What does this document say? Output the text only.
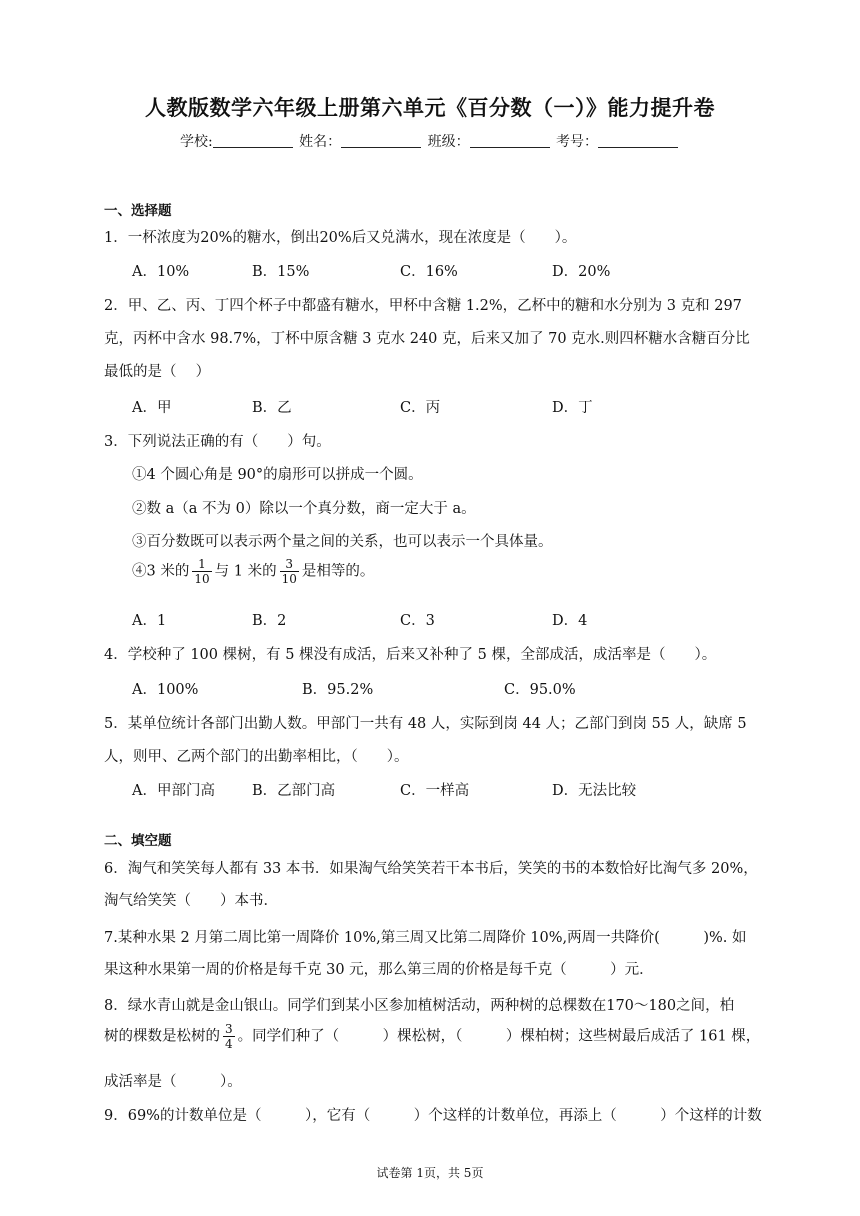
人教版数学六年级上册第六单元《百分数（一）》能力提升卷
学校:	姓名：	班级：	考号：
一、选择题
1．一杯浓度为20%的糖水，倒出20%后又兑满水，现在浓度是（　　）。
A．10%	B．15%	C．16%	D．20%
2．甲、乙、丙、丁四个杯子中都盛有糖水，甲杯中含糖 1.2%，乙杯中的糖和水分别为 3 克和 297
克，丙杯中含水 98.7%，丁杯中原含糖 3 克水 240 克，后来又加了 70 克水.则四杯糖水含糖百分比
最低的是（　 ）
A．甲	B．乙	C．丙	D．丁
3．下列说法正确的有（　　）句。
①4 个圆心角是 90°的扇形可以拼成一个圆。
②数 a（a 不为 0）除以一个真分数，商一定大于 a。
③百分数既可以表示两个量之间的关系，也可以表示一个具体量。
④3 米的 $\frac{1}{10}$ 与 1 米的 $\frac{3}{10}$ 是相等的。
A．1	B．2	C．3	D．4
4．学校种了 100 棵树，有 5 棵没有成活，后来又补种了 5 棵，全部成活，成活率是（　　）。
A．100%	B．95.2%	C．95.0%
5．某单位统计各部门出勤人数。甲部门一共有 48 人，实际到岗 44 人；乙部门到岗 55 人，缺席 5
人，则甲、乙两个部门的出勤率相比，（　　）。
A．甲部门高	B．乙部门高	C．一样高	D．无法比较
二、填空题
6．淘气和笑笑每人都有 33 本书．如果淘气给笑笑若干本书后，笑笑的书的本数恰好比淘气多 20%，
淘气给笑笑（　　）本书．
7.某种水果 2 月第二周比第一周降价 10%,第三周又比第二周降价 10%,两周一共降价(　　　)%. 如
果这种水果第一周的价格是每千克 30 元，那么第三周的价格是每千克（　　　）元．
8．绿水青山就是金山银山。同学们到某小区参加植树活动，两种树的总棵数在170～180之间，柏
树的棵数是松树的 $\frac{3}{4}$ 。同学们种了（　　　）棵松树，（　　　）棵柏树；这些树最后成活了 161 棵，
成活率是（　　　）。
9．69%的计数单位是（　　　），它有（　　　）个这样的计数单位，再添上（　　　）个这样的计数
试卷第 1页，共 5页
